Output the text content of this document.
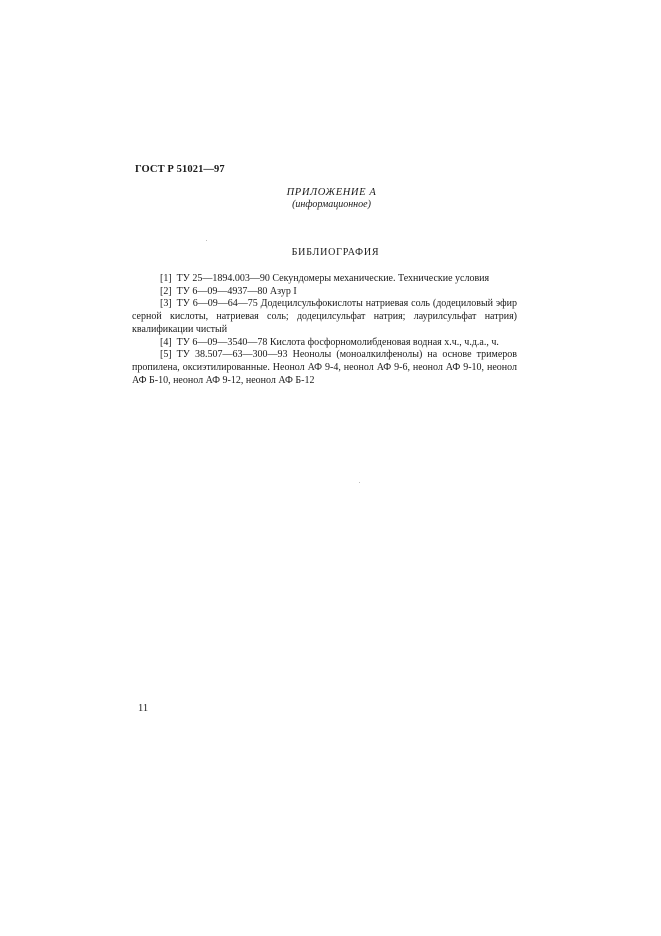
ГОСТ Р 51021—97
ПРИЛОЖЕНИЕ А
(информационное)
БИБЛИОГРАФИЯ

[1] ТУ 25—1894.003—90 Секундомеры механические. Технические условия

[2] ТУ 6—09—4937—80 Азур I

[3] ТУ 6—09—64—75 Додецилсульфокислоты натриевая соль (додециловый эфир серной кислоты, натриевая соль; додецилсульфат натрия; лаурилсульфат натрия) квалификации чистый

[4] ТУ 6—09—3540—78 Кислота фосфорномолибденовая водная х.ч., ч.д.а., ч.

[5] ТУ 38.507—63—300—93 Неонолы (моноалкилфенолы) на основе тримеров пропилена, оксиэтилированные. Неонол АФ 9-4, неонол АФ 9-6, неонол АФ 9-10, неонол АФ Б-10, неонол АФ 9-12, неонол АФ Б-12

11
